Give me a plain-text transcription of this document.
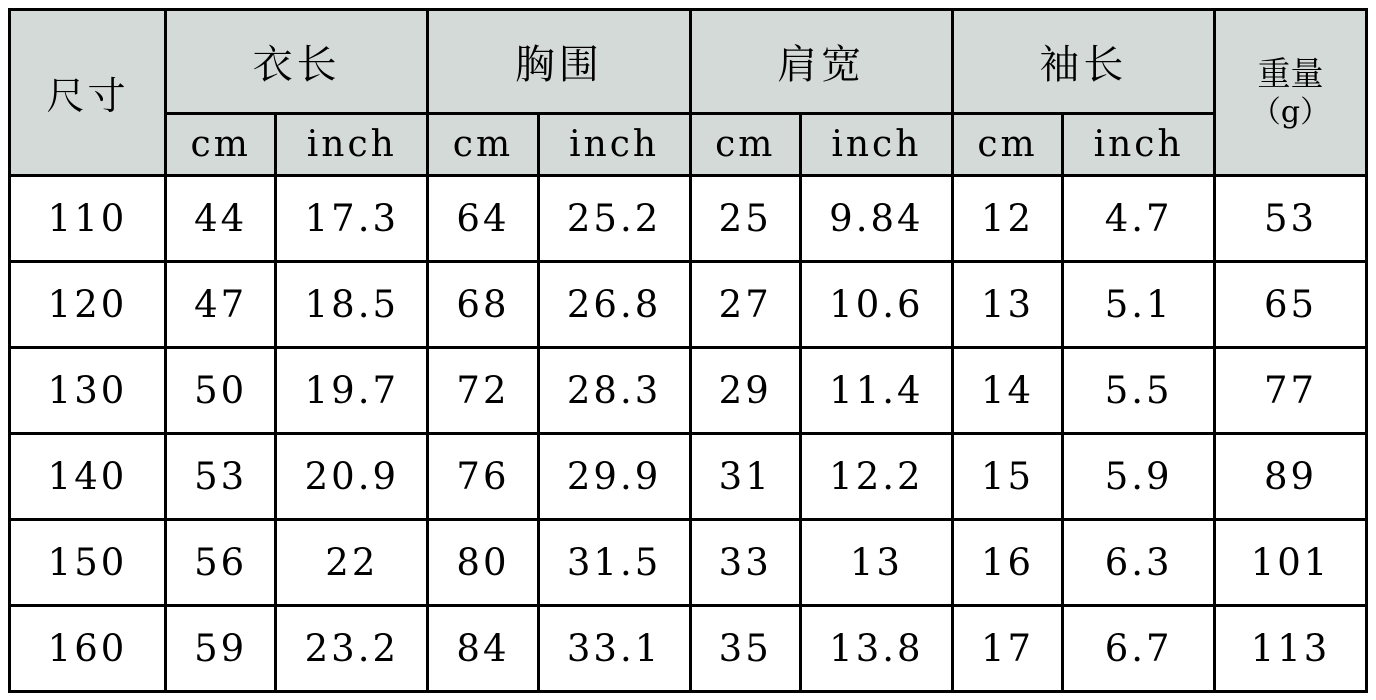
尺寸	衣长		胸围		肩宽		袖长		重量
（g）

	cm	inch	cm	inch	cm	inch	cm	inch	
110	44	17.3	64	25.2	25	9.84	12	4.7	53
120	47	18.5	68	26.8	27	10.6	13	5.1	65
130	50	19.7	72	28.3	29	11.4	14	5.5	77
140	53	20.9	76	29.9	31	12.2	15	5.9	89
150	56	22	80	31.5	33	13	16	6.3	101
160	59	23.2	84	33.1	35	13.8	17	6.7	113
